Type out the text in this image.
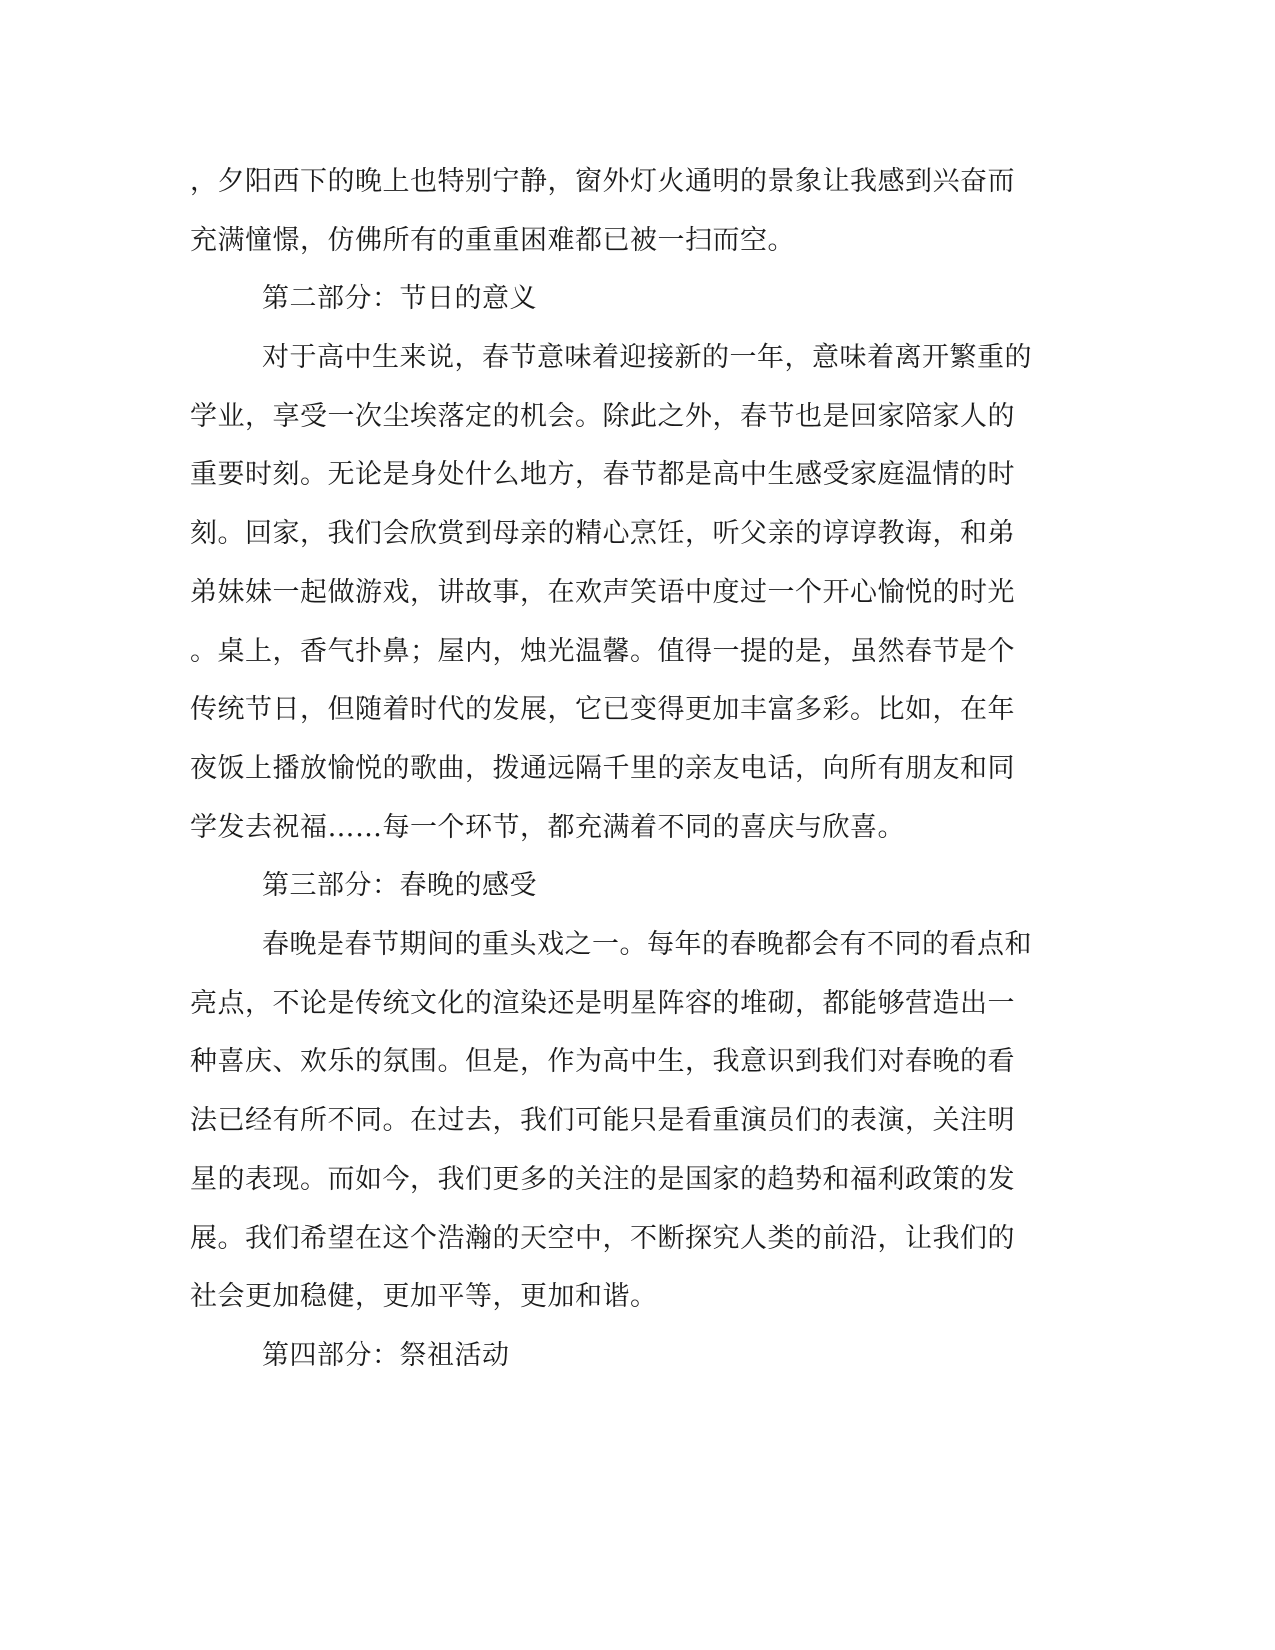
，夕阳西下的晚上也特别宁静，窗外灯火通明的景象让我感到兴奋而

充满憧憬，仿佛所有的重重困难都已被一扫而空。

第二部分：节日的意义

对于高中生来说，春节意味着迎接新的一年，意味着离开繁重的

学业，享受一次尘埃落定的机会。除此之外，春节也是回家陪家人的

重要时刻。无论是身处什么地方，春节都是高中生感受家庭温情的时

刻。回家，我们会欣赏到母亲的精心烹饪，听父亲的谆谆教诲，和弟

弟妹妹一起做游戏，讲故事，在欢声笑语中度过一个开心愉悦的时光

。桌上，香气扑鼻；屋内，烛光温馨。值得一提的是，虽然春节是个

传统节日，但随着时代的发展，它已变得更加丰富多彩。比如，在年

夜饭上播放愉悦的歌曲，拨通远隔千里的亲友电话，向所有朋友和同

学发去祝福……每一个环节，都充满着不同的喜庆与欣喜。

第三部分：春晚的感受

春晚是春节期间的重头戏之一。每年的春晚都会有不同的看点和

亮点，不论是传统文化的渲染还是明星阵容的堆砌，都能够营造出一

种喜庆、欢乐的氛围。但是，作为高中生，我意识到我们对春晚的看

法已经有所不同。在过去，我们可能只是看重演员们的表演，关注明

星的表现。而如今，我们更多的关注的是国家的趋势和福利政策的发

展。我们希望在这个浩瀚的天空中，不断探究人类的前沿，让我们的

社会更加稳健，更加平等，更加和谐。

第四部分：祭祖活动
